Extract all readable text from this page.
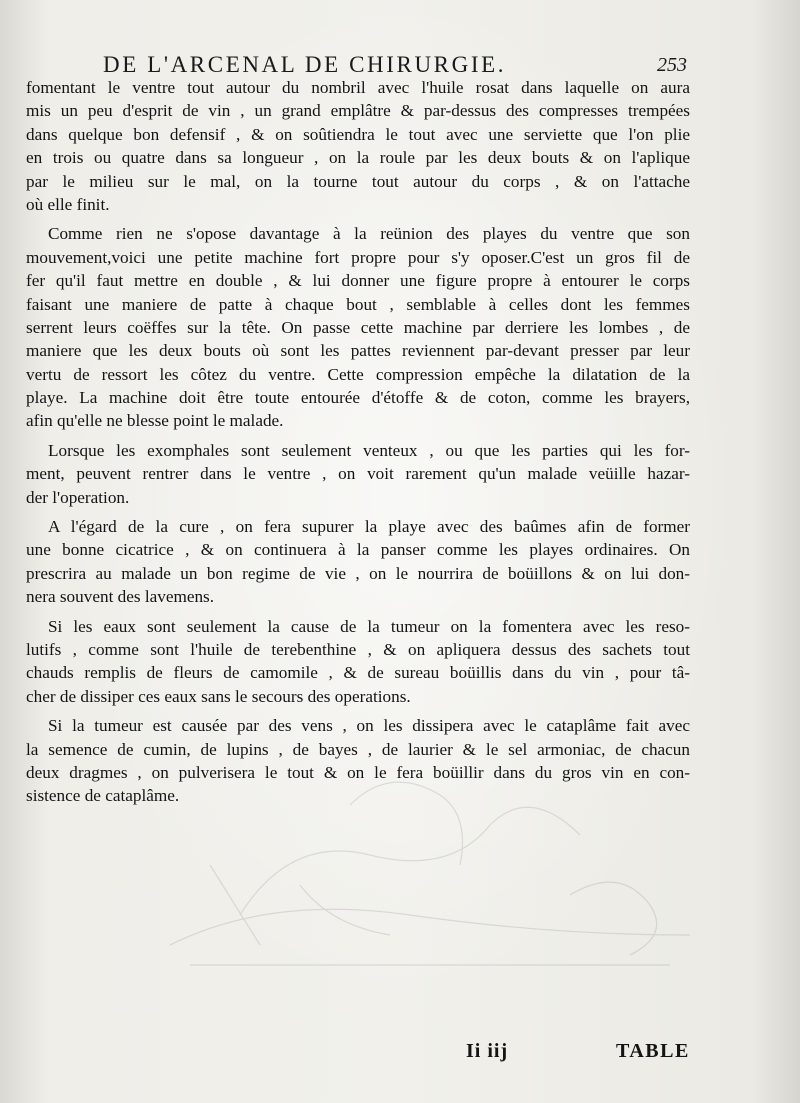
DE L'ARCENAL DE CHIRURGIE.	253
fomentant le ventre tout autour du nombril avec l'huile rosat dans laquelle on aura
mis un peu d'esprit de vin , un grand emplâtre & par-dessus des compresses trempées
dans quelque bon defensif , & on soûtiendra le tout avec une serviette que l'on plie
en trois ou quatre dans sa longueur , on la roule par les deux bouts & on l'aplique
par le milieu sur le mal, on la tourne tout autour du corps , & on l'attache
où elle finit.
Comme rien ne s'opose davantage à la reünion des playes du ventre que son
mouvement,voici une petite machine fort propre pour s'y oposer.C'est un gros fil de
fer qu'il faut mettre en double , & lui donner une figure propre à entourer le corps
faisant une maniere de patte à chaque bout , semblable à celles dont les femmes
serrent leurs coëffes sur la tête. On passe cette machine par derriere les lombes , de
maniere que les deux bouts où sont les pattes reviennent par-devant presser par leur
vertu de ressort les côtez du ventre. Cette compression empêche la dilatation de la
playe. La machine doit être toute entourée d'étoffe & de coton, comme les brayers,
afin qu'elle ne blesse point le malade.
Lorsque les exomphales sont seulement venteux , ou que les parties qui les for-
ment, peuvent rentrer dans le ventre , on voit rarement qu'un malade veüille hazar-
der l'operation.
A l'égard de la cure , on fera supurer la playe avec des baûmes afin de former
une bonne cicatrice , & on continuera à la panser comme les playes ordinaires. On
prescrira au malade un bon regime de vie , on le nourrira de boüillons & on lui don-
nera souvent des lavemens.
Si les eaux sont seulement la cause de la tumeur on la fomentera avec les reso-
lutifs , comme sont l'huile de terebenthine , & on apliquera dessus des sachets tout
chauds remplis de fleurs de camomile , & de sureau boüillis dans du vin , pour tâ-
cher de dissiper ces eaux sans le secours des operations.
Si la tumeur est causée par des vens , on les dissipera avec le cataplâme fait avec
la semence de cumin, de lupins , de bayes , de laurier & le sel armoniac, de chacun
deux dragmes , on pulverisera le tout & on le fera boüillir dans du gros vin en con-
sistence de cataplâme.
Ii iij	TABLE
